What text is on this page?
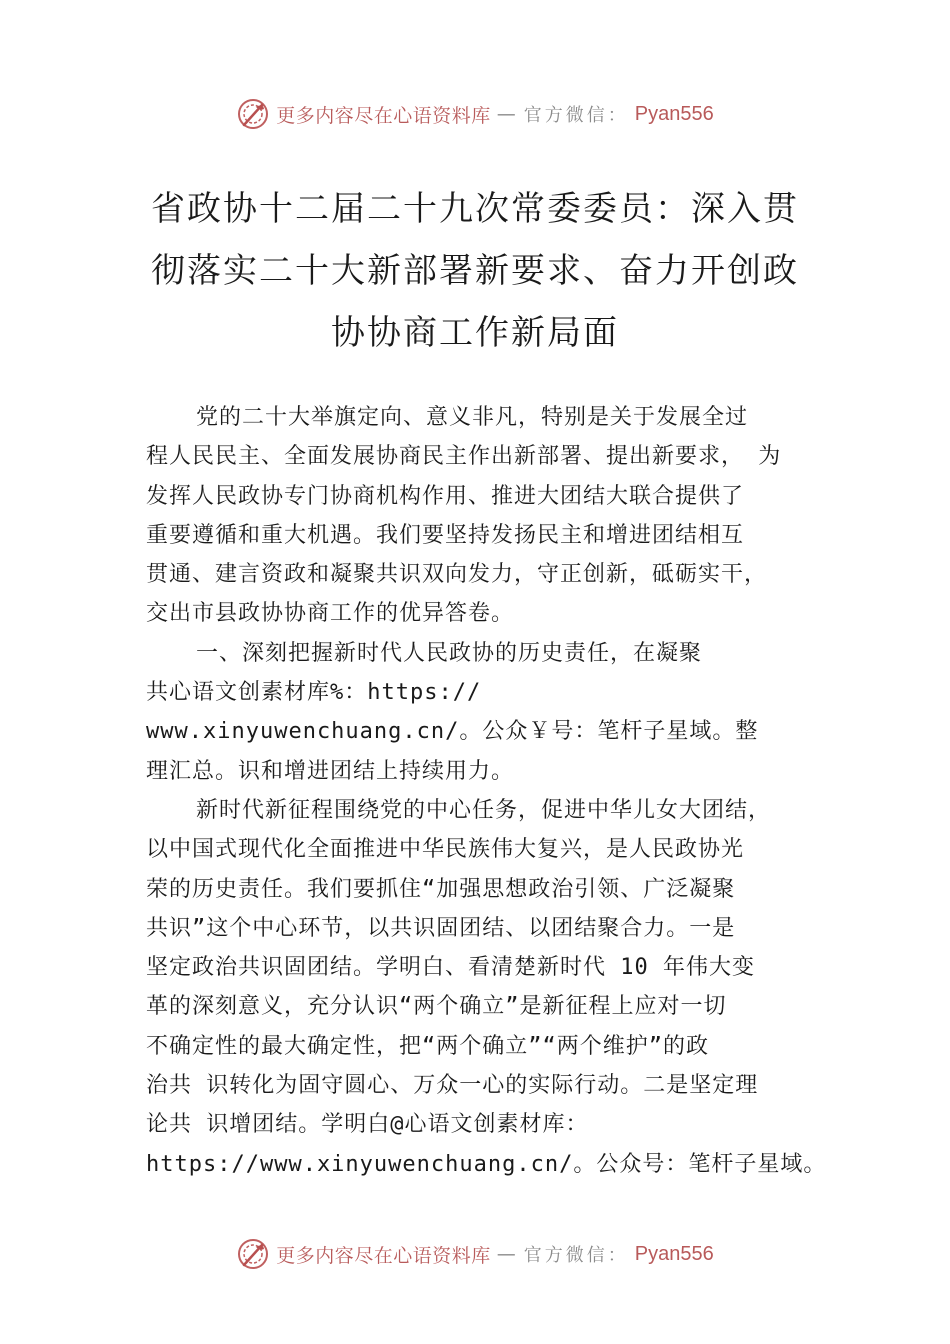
更多内容尽在心语资料库 — 官方微信： Pyan556
省政协十二届二十九次常委委员：深入贯
彻落实二十大新部署新要求、奋力开创政
协协商工作新局面
党的二十大举旗定向、意义非凡，特别是关于发展全过
程人民民主、全面发展协商民主作出新部署、提出新要求， 为
发挥人民政协专门协商机构作用、推进大团结大联合提供了
重要遵循和重大机遇。我们要坚持发扬民主和增进团结相互
贯通、建言资政和凝聚共识双向发力，守正创新，砥砺实干，
交出市县政协协商工作的优异答卷。
一、深刻把握新时代人民政协的历史责任，在凝聚
共心语文创素材库%：https://
www.xinyuwenchuang.cn/。公众￥号：笔杆子星域。整
理汇总。识和增进团结上持续用力。
新时代新征程围绕党的中心任务，促进中华儿女大团结，
以中国式现代化全面推进中华民族伟大复兴，是人民政协光
荣的历史责任。我们要抓住“加强思想政治引领、广泛凝聚
共识”这个中心环节，以共识固团结、以团结聚合力。一是
坚定政治共识固团结。学明白、看清楚新时代 10 年伟大变
革的深刻意义，充分认识“两个确立”是新征程上应对一切
不确定性的最大确定性，把“两个确立”“两个维护”的政
治共 识转化为固守圆心、万众一心的实际行动。二是坚定理
论共 识增团结。学明白@心语文创素材库：
https://www.xinyuwenchuang.cn/。公众号：笔杆子星域。
更多内容尽在心语资料库 — 官方微信： Pyan556
